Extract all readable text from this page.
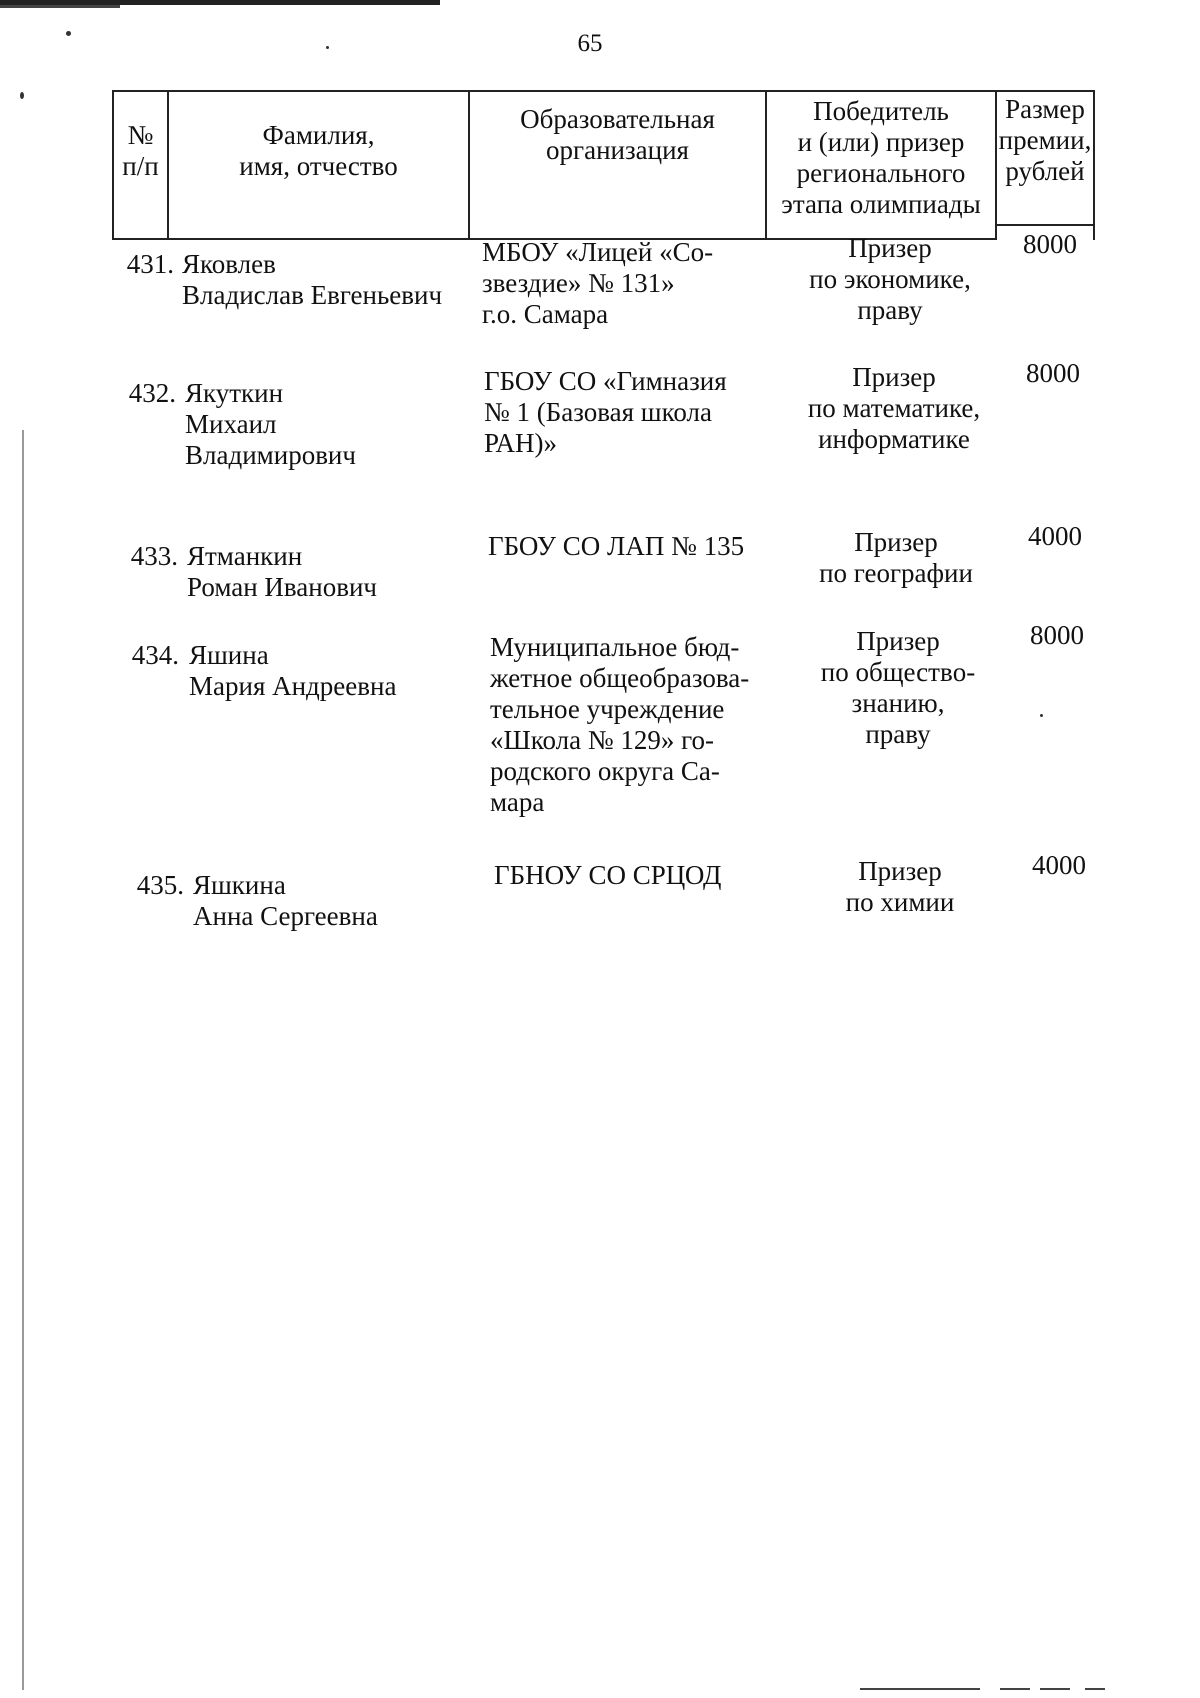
65
№
п/п
Фамилия,
имя, отчество
Образовательная
организация
Победитель
и (или) призер
регионального
этапа олимпиады
Размер
премии,
рублей
431. Яковлев
Владислав Евгеньевич
МБОУ «Лицей «Со-
звездие» № 131»
г.о. Самара
Призер
по экономике,
праву
8000
432. Якуткин
Михаил
Владимирович
ГБОУ СО «Гимназия
№ 1 (Базовая школа
РАН)»
Призер
по математике,
информатике
8000
433. Ятманкин
Роман Иванович
ГБОУ СО ЛАП № 135	Призер
по географии
4000
434. Яшина
Мария Андреевна
Муниципальное бюд-
жетное общеобразова-
тельное учреждение
«Школа № 129» го-
родского округа Са-
мара
Призер
по обществo-
знанию,
праву
8000
435. Яшкина
Анна Сергеевна
ГБНОУ СО СРЦОД	Призер
по химии
4000
